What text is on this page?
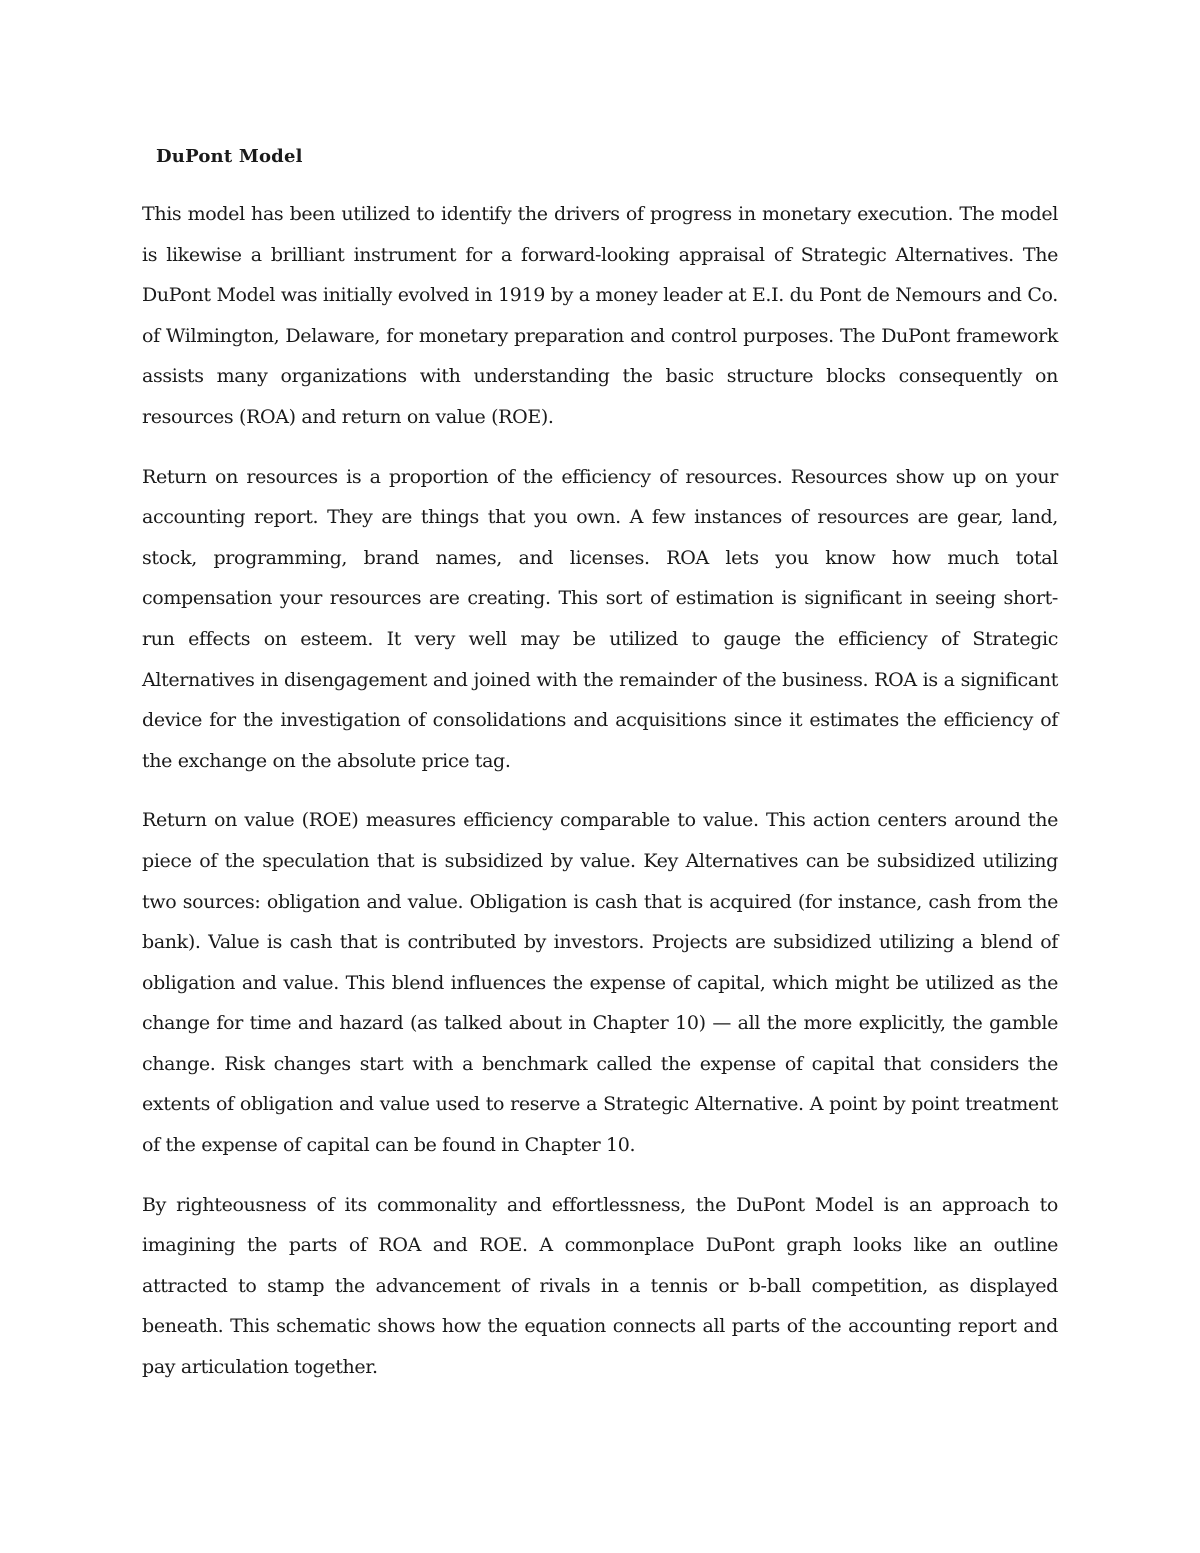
DuPont Model

This model has been utilized to identify the drivers of progress in monetary execution. The model is likewise a brilliant instrument for a forward-looking appraisal of Strategic Alternatives. The DuPont Model was initially evolved in 1919 by a money leader at E.I. du Pont de Nemours and Co. of Wilmington, Delaware, for monetary preparation and control purposes. The DuPont framework assists many organizations with understanding the basic structure blocks consequently on resources (ROA) and return on value (ROE).

Return on resources is a proportion of the efficiency of resources. Resources show up on your accounting report. They are things that you own. A few instances of resources are gear, land, stock, programming, brand names, and licenses. ROA lets you know how much total compensation your resources are creating. This sort of estimation is significant in seeing short-run effects on esteem. It very well may be utilized to gauge the efficiency of Strategic Alternatives in disengagement and joined with the remainder of the business. ROA is a significant device for the investigation of consolidations and acquisitions since it estimates the efficiency of the exchange on the absolute price tag.

Return on value (ROE) measures efficiency comparable to value. This action centers around the piece of the speculation that is subsidized by value. Key Alternatives can be subsidized utilizing two sources: obligation and value. Obligation is cash that is acquired (for instance, cash from the bank). Value is cash that is contributed by investors. Projects are subsidized utilizing a blend of obligation and value. This blend influences the expense of capital, which might be utilized as the change for time and hazard (as talked about in Chapter 10) — all the more explicitly, the gamble change. Risk changes start with a benchmark called the expense of capital that considers the extents of obligation and value used to reserve a Strategic Alternative. A point by point treatment of the expense of capital can be found in Chapter 10.

By righteousness of its commonality and effortlessness, the DuPont Model is an approach to imagining the parts of ROA and ROE. A commonplace DuPont graph looks like an outline attracted to stamp the advancement of rivals in a tennis or b-ball competition, as displayed beneath. This schematic shows how the equation connects all parts of the accounting report and pay articulation together.
